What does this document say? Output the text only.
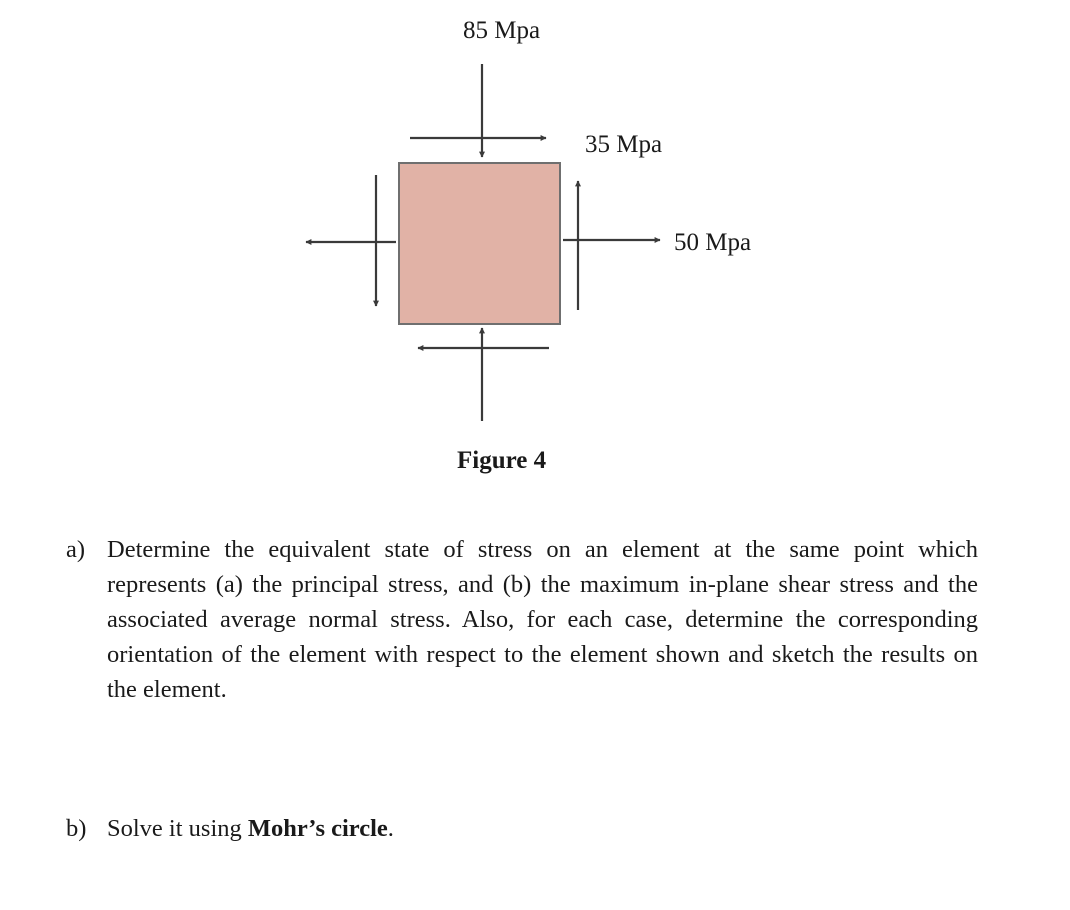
85 Mpa
35 Mpa
50 Mpa
Figure 4
a) Determine the equivalent state of stress on an element at the same point which represents (a) the principal stress, and (b) the maximum in-plane shear stress and the associated average normal stress. Also, for each case, determine the corresponding orientation of the element with respect to the element shown and sketch the results on the element.
b) Solve it using Mohr’s circle.
